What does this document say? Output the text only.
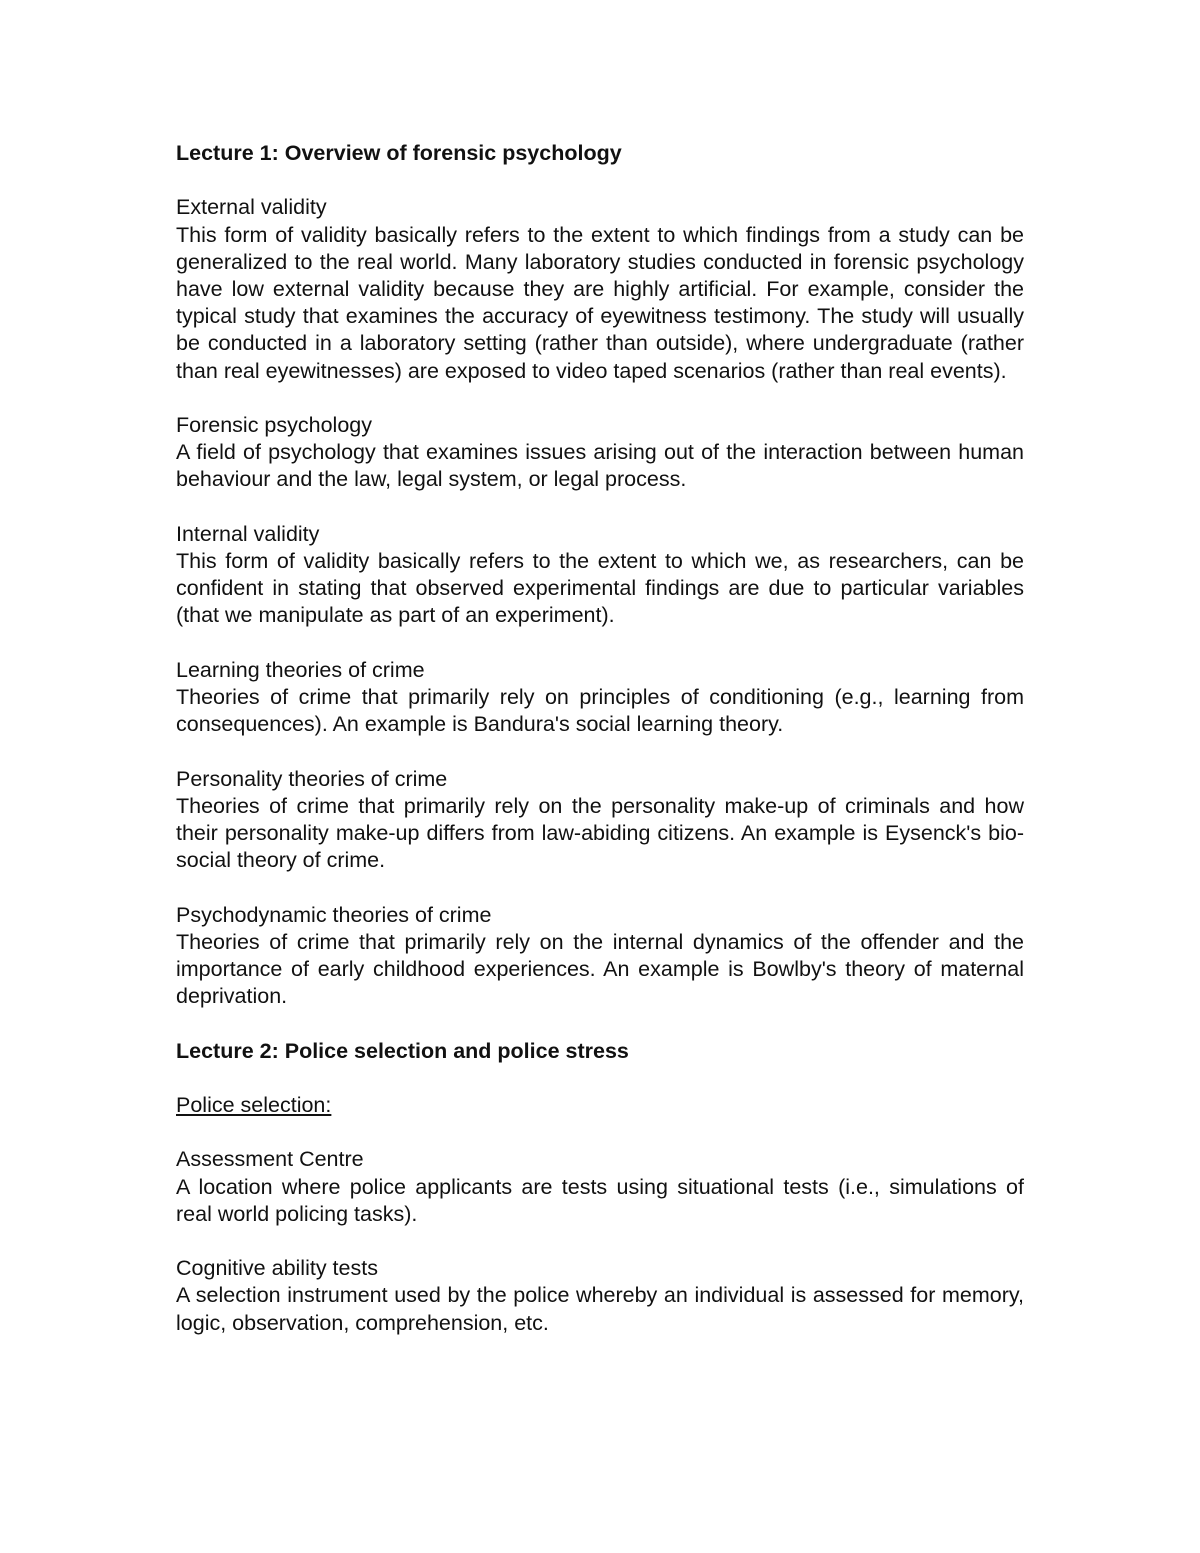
Lecture 1: Overview of forensic psychology
External validity
This form of validity basically refers to the extent to which findings from a study can be generalized to the real world. Many laboratory studies conducted in forensic psychology have low external validity because they are highly artificial. For example, consider the typical study that examines the accuracy of eyewitness testimony. The study will usually be conducted in a laboratory setting (rather than outside), where undergraduate (rather than real eyewitnesses) are exposed to video taped scenarios (rather than real events).
Forensic psychology
A field of psychology that examines issues arising out of the interaction between human behaviour and the law, legal system, or legal process.
Internal validity
This form of validity basically refers to the extent to which we, as researchers, can be confident in stating that observed experimental findings are due to particular variables (that we manipulate as part of an experiment).
Learning theories of crime
Theories of crime that primarily rely on principles of conditioning (e.g., learning from consequences). An example is Bandura's social learning theory.
Personality theories of crime
Theories of crime that primarily rely on the personality make-up of criminals and how their personality make-up differs from law-abiding citizens. An example is Eysenck's bio-social theory of crime.
Psychodynamic theories of crime
Theories of crime that primarily rely on the internal dynamics of the offender and the importance of early childhood experiences. An example is Bowlby's theory of maternal deprivation.
Lecture 2: Police selection and police stress
Police selection:
Assessment Centre
A location where police applicants are tests using situational tests (i.e., simulations of real world policing tasks).
Cognitive ability tests
A selection instrument used by the police whereby an individual is assessed for memory, logic, observation, comprehension, etc.
